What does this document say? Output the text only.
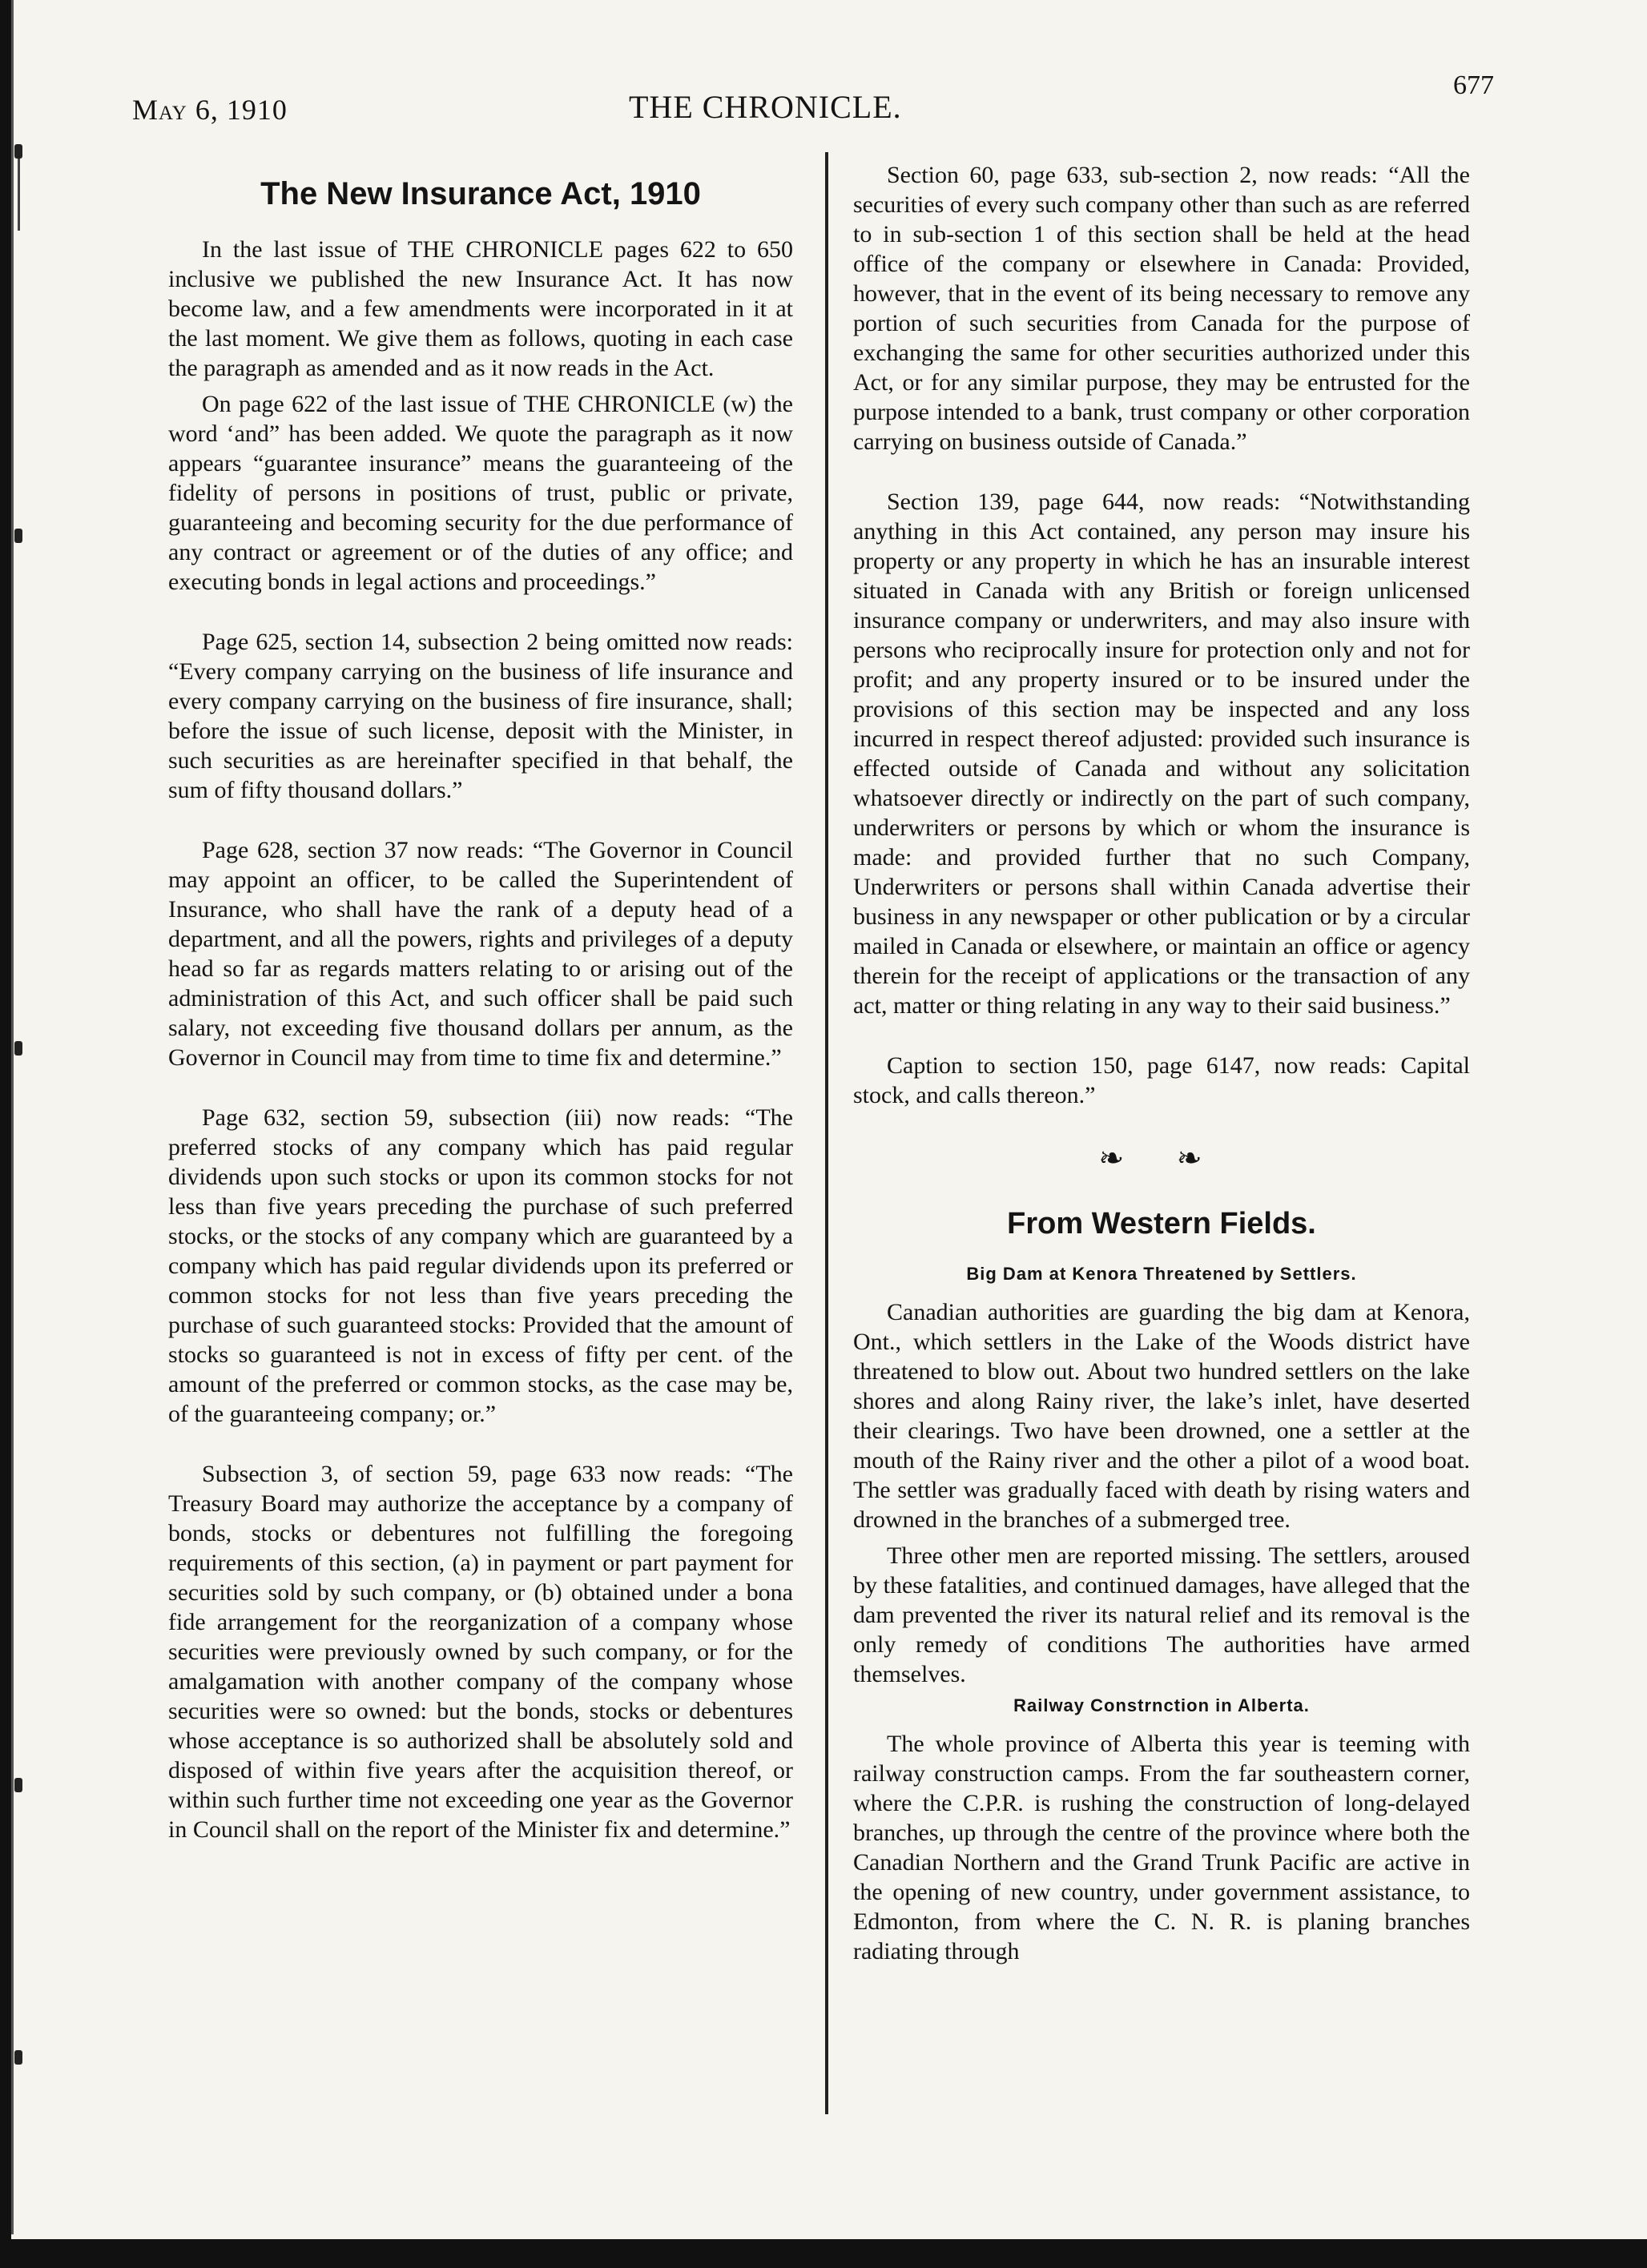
May 6, 1910	THE CHRONICLE.
677
The New Insurance Act, 1910

In the last issue of THE CHRONICLE pages 622 to 650 inclusive we published the new Insurance Act. It has now become law, and a few amendments were incorporated in it at the last moment. We give them as follows, quoting in each case the paragraph as amended and as it now reads in the Act.

On page 622 of the last issue of THE CHRONICLE (w) the word ‘and” has been added. We quote the paragraph as it now appears “guarantee insurance” means the guaranteeing of the fidelity of persons in positions of trust, public or private, guaranteeing and becoming security for the due performance of any contract or agreement or of the duties of any office; and executing bonds in legal actions and proceedings.”

Page 625, section 14, subsection 2 being omitted now reads: “Every company carrying on the business of life insurance and every company carrying on the business of fire insurance, shall; before the issue of such license, deposit with the Minister, in such securities as are hereinafter specified in that behalf, the sum of fifty thousand dollars.”

Page 628, section 37 now reads: “The Governor in Council may appoint an officer, to be called the Superintendent of Insurance, who shall have the rank of a deputy head of a department, and all the powers, rights and privileges of a deputy head so far as regards matters relating to or arising out of the administration of this Act, and such officer shall be paid such salary, not exceeding five thousand dollars per annum, as the Governor in Council may from time to time fix and determine.”

Page 632, section 59, subsection (iii) now reads: “The preferred stocks of any company which has paid regular dividends upon such stocks or upon its common stocks for not less than five years preceding the purchase of such preferred stocks, or the stocks of any company which are guaranteed by a company which has paid regular dividends upon its preferred or common stocks for not less than five years preceding the purchase of such guaranteed stocks: Provided that the amount of stocks so guaranteed is not in excess of fifty per cent. of the amount of the preferred or common stocks, as the case may be, of the guaranteeing company; or.”

Subsection 3, of section 59, page 633 now reads: “The Treasury Board may authorize the acceptance by a company of bonds, stocks or debentures not fulfilling the foregoing requirements of this section, (a) in payment or part payment for securities sold by such company, or (b) obtained under a bona fide arrangement for the reorganization of a company whose securities were previously owned by such company, or for the amalgamation with another company of the company whose securities were so owned: but the bonds, stocks or debentures whose acceptance is so authorized shall be absolutely sold and disposed of within five years after the acquisition thereof, or within such further time not exceeding one year as the Governor in Council shall on the report of the Minister fix and determine.”

Section 60, page 633, sub-section 2, now reads: “All the securities of every such company other than such as are referred to in sub-section 1 of this section shall be held at the head office of the company or elsewhere in Canada: Provided, however, that in the event of its being necessary to remove any portion of such securities from Canada for the purpose of exchanging the same for other securities authorized under this Act, or for any similar purpose, they may be entrusted for the purpose intended to a bank, trust company or other corporation carrying on business outside of Canada.”

Section 139, page 644, now reads: “Notwithstanding anything in this Act contained, any person may insure his property or any property in which he has an insurable interest situated in Canada with any British or foreign unlicensed insurance company or underwriters, and may also insure with persons who reciprocally insure for protection only and not for profit; and any property insured or to be insured under the provisions of this section may be inspected and any loss incurred in respect thereof adjusted: provided such insurance is effected outside of Canada and without any solicitation whatsoever directly or indirectly on the part of such company, underwriters or persons by which or whom the insurance is made: and provided further that no such Company, Underwriters or persons shall within Canada advertise their business in any newspaper or other publication or by a circular mailed in Canada or elsewhere, or maintain an office or agency therein for the receipt of applications or the transaction of any act, matter or thing relating in any way to their said business.”

Caption to section 150, page 6147, now reads: Capital stock, and calls thereon.”

❧ ❧
From Western Fields.
Big Dam at Kenora Threatened by Settlers.

Canadian authorities are guarding the big dam at Kenora, Ont., which settlers in the Lake of the Woods district have threatened to blow out. About two hundred settlers on the lake shores and along Rainy river, the lake’s inlet, have deserted their clearings. Two have been drowned, one a settler at the mouth of the Rainy river and the other a pilot of a wood boat. The settler was gradually faced with death by rising waters and drowned in the branches of a submerged tree.

Three other men are reported missing. The settlers, aroused by these fatalities, and continued damages, have alleged that the dam prevented the river its natural relief and its removal is the only remedy of conditions The authorities have armed themselves.

Railway Constrnction in Alberta.

The whole province of Alberta this year is teeming with railway construction camps. From the far southeastern corner, where the C.P.R. is rushing the construction of long-delayed branches, up through the centre of the province where both the Canadian Northern and the Grand Trunk Pacific are active in the opening of new country, under government assistance, to Edmonton, from where the C. N. R. is planing branches radiating through
